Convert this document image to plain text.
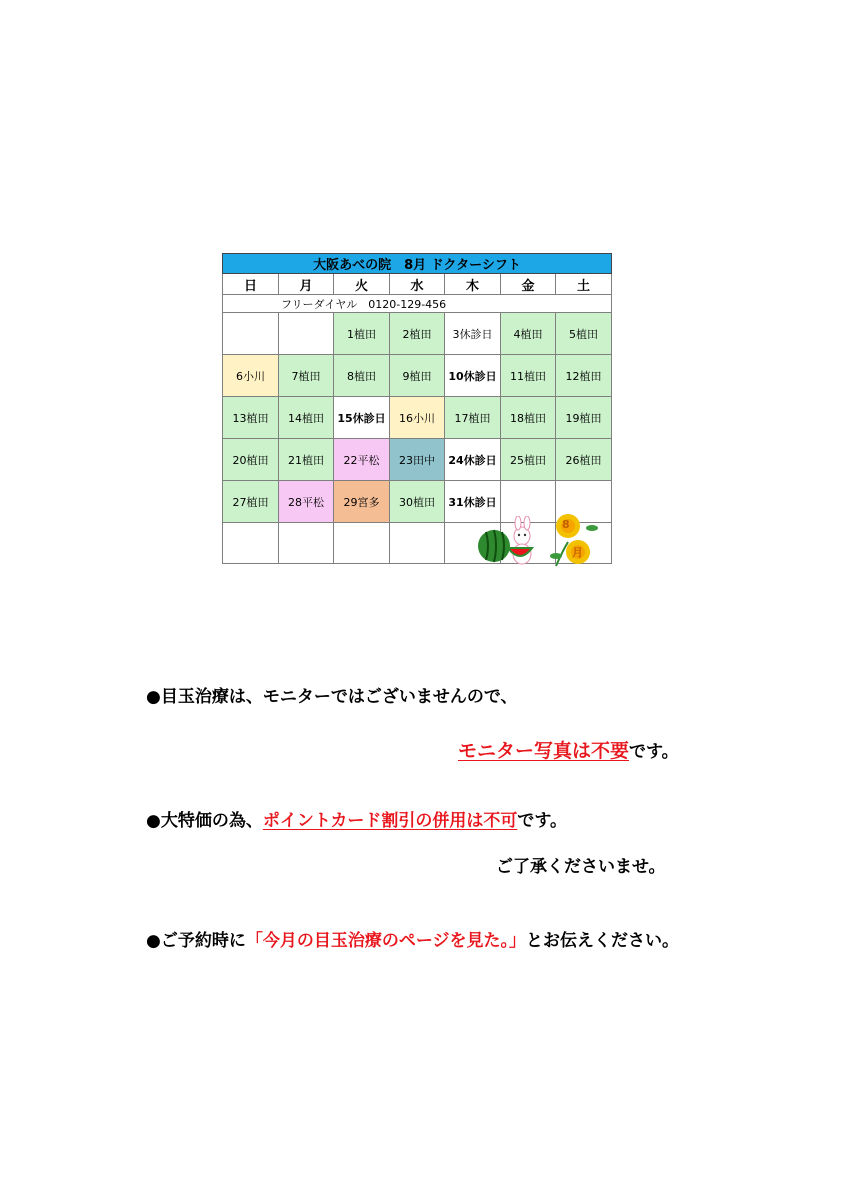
大阪あべの院　8月 ドクターシフト						
日	月	火	水	木	金	土
フリーダイヤル　0120-129-456						
		1植田	2植田	3休診日	4植田	5植田
6小川	7植田	8植田	9植田	10休診日	11植田	12植田
13植田	14植田	15休診日	16小川	17植田	18植田	19植田
20植田	21植田	22平松	23田中	24休診日	25植田	26植田
27植田	28平松	29宮多	30植田	31休診日		

8
月
●目玉治療は、モニターではございませんので、
モニター写真は不要です。
●大特価の為、ポイントカード割引の併用は不可です。
ご了承くださいませ。
●ご予約時に「今月の目玉治療のページを見た。」とお伝えください。
